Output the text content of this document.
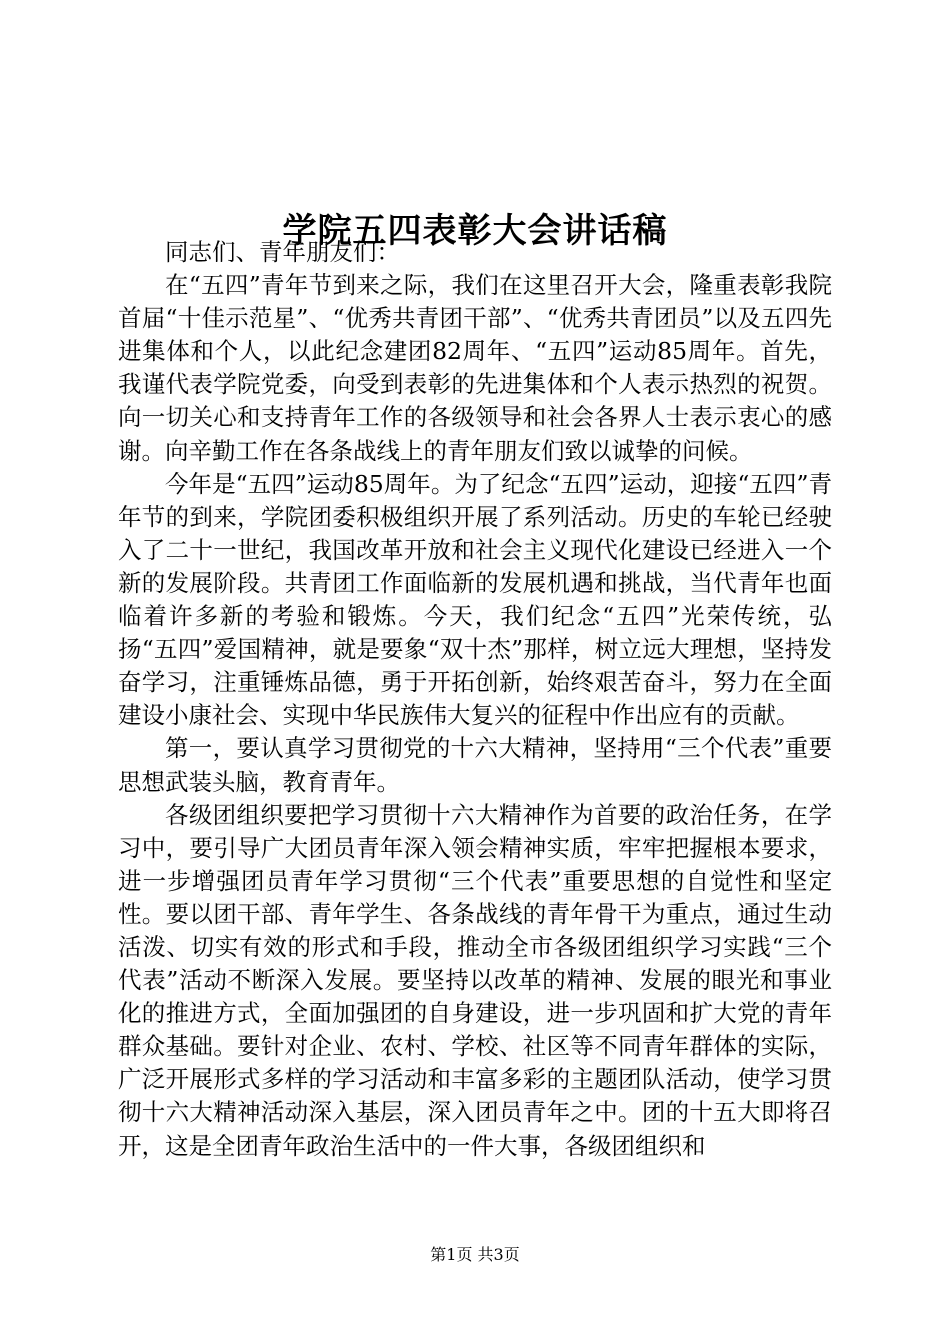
学院五四表彰大会讲话稿

同志们、青年朋友们：

在“五四”青年节到来之际，我们在这里召开大会，隆重表彰我院首届“十佳示范星”、“优秀共青团干部”、“优秀共青团员”以及五四先进集体和个人，以此纪念建团82周年、“五四”运动85周年。首先，我谨代表学院党委，向受到表彰的先进集体和个人表示热烈的祝贺。向一切关心和支持青年工作的各级领导和社会各界人士表示衷心的感谢。向辛勤工作在各条战线上的青年朋友们致以诚挚的问候。

今年是“五四”运动85周年。为了纪念“五四”运动，迎接“五四”青年节的到来，学院团委积极组织开展了系列活动。历史的车轮已经驶入了二十一世纪，我国改革开放和社会主义现代化建设已经进入一个新的发展阶段。共青团工作面临新的发展机遇和挑战，当代青年也面临着许多新的考验和锻炼。今天，我们纪念“五四”光荣传统，弘扬“五四”爱国精神，就是要象“双十杰”那样，树立远大理想，坚持发奋学习，注重锤炼品德，勇于开拓创新，始终艰苦奋斗，努力在全面建设小康社会、实现中华民族伟大复兴的征程中作出应有的贡献。

第一，要认真学习贯彻党的十六大精神，坚持用“三个代表”重要思想武装头脑，教育青年。

各级团组织要把学习贯彻十六大精神作为首要的政治任务，在学习中，要引导广大团员青年深入领会精神实质，牢牢把握根本要求，进一步增强团员青年学习贯彻“三个代表”重要思想的自觉性和坚定性。要以团干部、青年学生、各条战线的青年骨干为重点，通过生动活泼、切实有效的形式和手段，推动全市各级团组织学习实践“三个代表”活动不断深入发展。要坚持以改革的精神、发展的眼光和事业化的推进方式，全面加强团的自身建设，进一步巩固和扩大党的青年群众基础。要针对企业、农村、学校、社区等不同青年群体的实际，广泛开展形式多样的学习活动和丰富多彩的主题团队活动，使学习贯彻十六大精神活动深入基层，深入团员青年之中。团的十五大即将召开，这是全团青年政治生活中的一件大事，各级团组织和

第1页 共3页
